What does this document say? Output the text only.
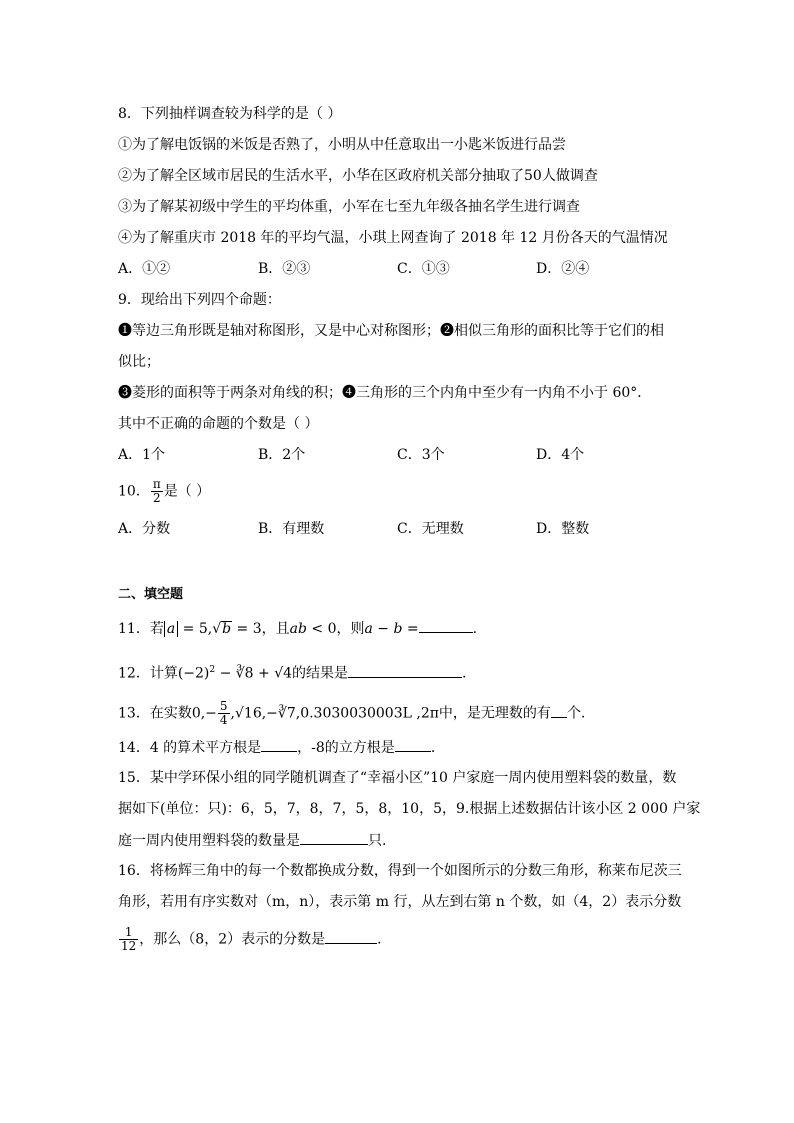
8．下列抽样调查较为科学的是（ ）
①为了解电饭锅的米饭是否熟了，小明从中任意取出一小匙米饭进行品尝
②为了解全区域市居民的生活水平，小华在区政府机关部分抽取了50人做调查
③为了解某初级中学生的平均体重，小军在七至九年级各抽名学生进行调查
④为了解重庆市 2018 年的平均气温，小琪上网查询了 2018 年 12 月份各天的气温情况
A．①②	B．②③	C．①③	D．②④
9．现给出下列四个命题：
❶等边三角形既是轴对称图形，又是中心对称图形；❷相似三角形的面积比等于它们的相
似比；
❸菱形的面积等于两条对角线的积；❹三角形的三个内角中至少有一内角不小于 60°．
其中不正确的命题的个数是（ ）
A．1个	B．2个	C．3个	D．4个
10． $\frac{\pi}{2}$ 是（ ）
A．分数	B．有理数	C．无理数	D．整数
二、填空题
11．若 a = 5,√b = 3，且ab < 0，则a − b =	.
12．计算$(-2)^2$ − ∛8 + √4的结果是	.
13．在实数$0,- \frac{5}{4}$ ,√16,−∛7,0.3030030003L ,2π中，是无理数的有 个.
14．4 的算术平方根是	，-8的立方根是	.
15．某中学环保小组的同学随机调查了“幸福小区”10 户家庭一周内使用塑料袋的数量，数
据如下(单位：只)：6，5，7，8，7，5，8，10，5，9.根据上述数据估计该小区 2 000 户家
庭一周内使用塑料袋的数量是	只.
16．将杨辉三角中的每一个数都换成分数，得到一个如图所示的分数三角形，称莱布尼茨三
角形，若用有序实数对（m，n），表示第 m 行，从左到右第 n 个数，如（4，2）表示分数
$\frac{1}{12}$ ，那么（8，2）表示的分数是	.
